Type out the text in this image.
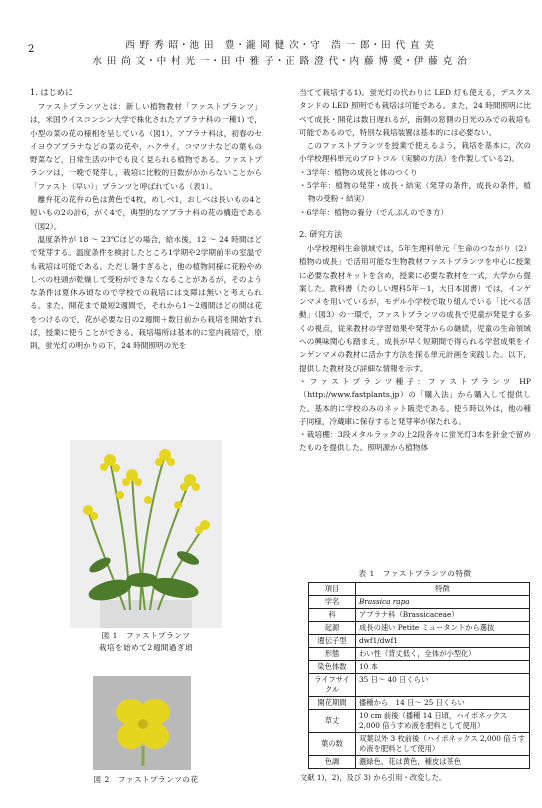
2	西 野 秀 昭・池 田　豊・瀧 岡 健 次・守　浩 一 郎・田 代 直 美
水 田 尚 文・中 村 光 一・田 中 雅 子・正 路 澄 代・内 藤 博 愛・伊 藤 克 治
1. はじめに

ファストプランツとは：新しい植物教材「ファストプランツ」は，米国ウイスコンシン大学で株化されたアブラナ科の一種1) で，小型の菜の花の様相を呈している（図1）。アブラナ科は，初春のセイヨウアブラナなどの菜の花や，ハクサイ，コマツナなどの葉もの野菜など，日常生活の中でも良く見られる植物である。ファストプランツは，一晩で発芽し，栽培に比較的日数がかからないことから「ファスト（早い）」プランツと呼ばれている（表1）。

離弁花の花弁の色は黄色で4枚，めしべ1，おしべは長いもの4と短いもの2の計6，がく4で，典型的なアブラナ科の花の構造である（図2）。

温度条件が 18 ～ 23℃ほどの場合，給水後，12 ～ 24 時間ほどで発芽する。温度条件を検討したところ1学期や2学期前半の室温でも栽培は可能である。ただし暑すぎると，他の植物同様に花粉やめしべの柱頭が乾燥して受粉ができなくなることがあるが，そのような条件は夏休み頃なので学校での栽培には支障は無いと考えられる。また，開花まで最短2週間で，それから1～2週間ほどの間は花をつけるので，花が必要な日の2週間＋数日前から栽培を開始すれば，授業に使うことができる。栽培場所は基本的に室内栽培で，原則，蛍光灯の明かりの下，24 時間照明の光を

図 1　ファストプランツ
栽培を始めて2週間過ぎ頃
図 2　ファストプランツの花

当てて栽培する1)。蛍光灯の代わりに LED 灯も使える，デスクスタンドの LED 照明でも栽培は可能である。また，24 時間照明に比べて成長・開花は数日遅れるが，南側の窓側の日光のみでの栽培も可能であるので，特別な栽培装置は基本的には必要ない。

このファストプランツを授業で使えるよう，栽培を基本に，次の小学校理科単元のプロトコル（実験の方法）を作製している2)。

・3学年：植物の成長と体のつくり

・5学年：植物の発芽・成長・結実（発芽の条件，成長の条件，植物の受粉・結実）

・6学年：植物の養分（でんぷんのでき方）

2. 研究方法

小学校理科生命領域では，5年生理科単元「生命のつながり（2）植物の成長」で活用可能な生物教材ファストプランツを中心に授業に必要な教材キットを含め，授業に必要な教材を一式，大学から提案した。教科書（たのしい理科5年－1，大日本図書）では，インゲンマメを用いているが，モデル小学校で取り組んでいる「比べる活動」（図3）の一環で，ファストプランツの成長で児童が発見する多くの視点，従来教材の学習効果や発芽からの継続，児童の生命領域への興味関心も踏まえ，成長が早く短期間で得られる学習成果をインゲンマメの教材に活かす方法を探る単元計画を実践した。以下，提供した教材及び詳細な情報を示す。

・ファストプランツ種子：ファストプランツ HP（http://www.fastplants.jp）の「購入法」から購入して提供した。基本的に学校のみのネット販売である。使う時以外は，他の種子同様，冷蔵庫に保存すると発芽率が保たれる。

・栽培棚：3段メタルラックの上2段各々に蛍光灯3本を針金で留めたものを提供した。照明源から植物体

表 1　ファストプランツの特徴
項目	特徴
学名	Brassica rapa
科	アブラナ科（Brassicaceae）
起源	成長の速い Petite ミュータントから選抜
遺伝子型	dwf1/dwf1
形態	わい性（背丈低く，全体が小型化）
染色体数	10 本
ライフサイクル	35 日～ 40 日くらい
開花期間	播種から　14 日～ 25 日くらい
草丈	10 cm 前後（播種 14 日頃，ハイポネックス 2,000 倍うすめ液を肥料として使用）
葉の数	双葉以外 3 枚前後（ハイポネックス 2,000 倍うすめ液を肥料として使用）
色調	濃緑色，花は黄色，種皮は茶色
文献 1)，2)，及び 3) から引用・改変した。
